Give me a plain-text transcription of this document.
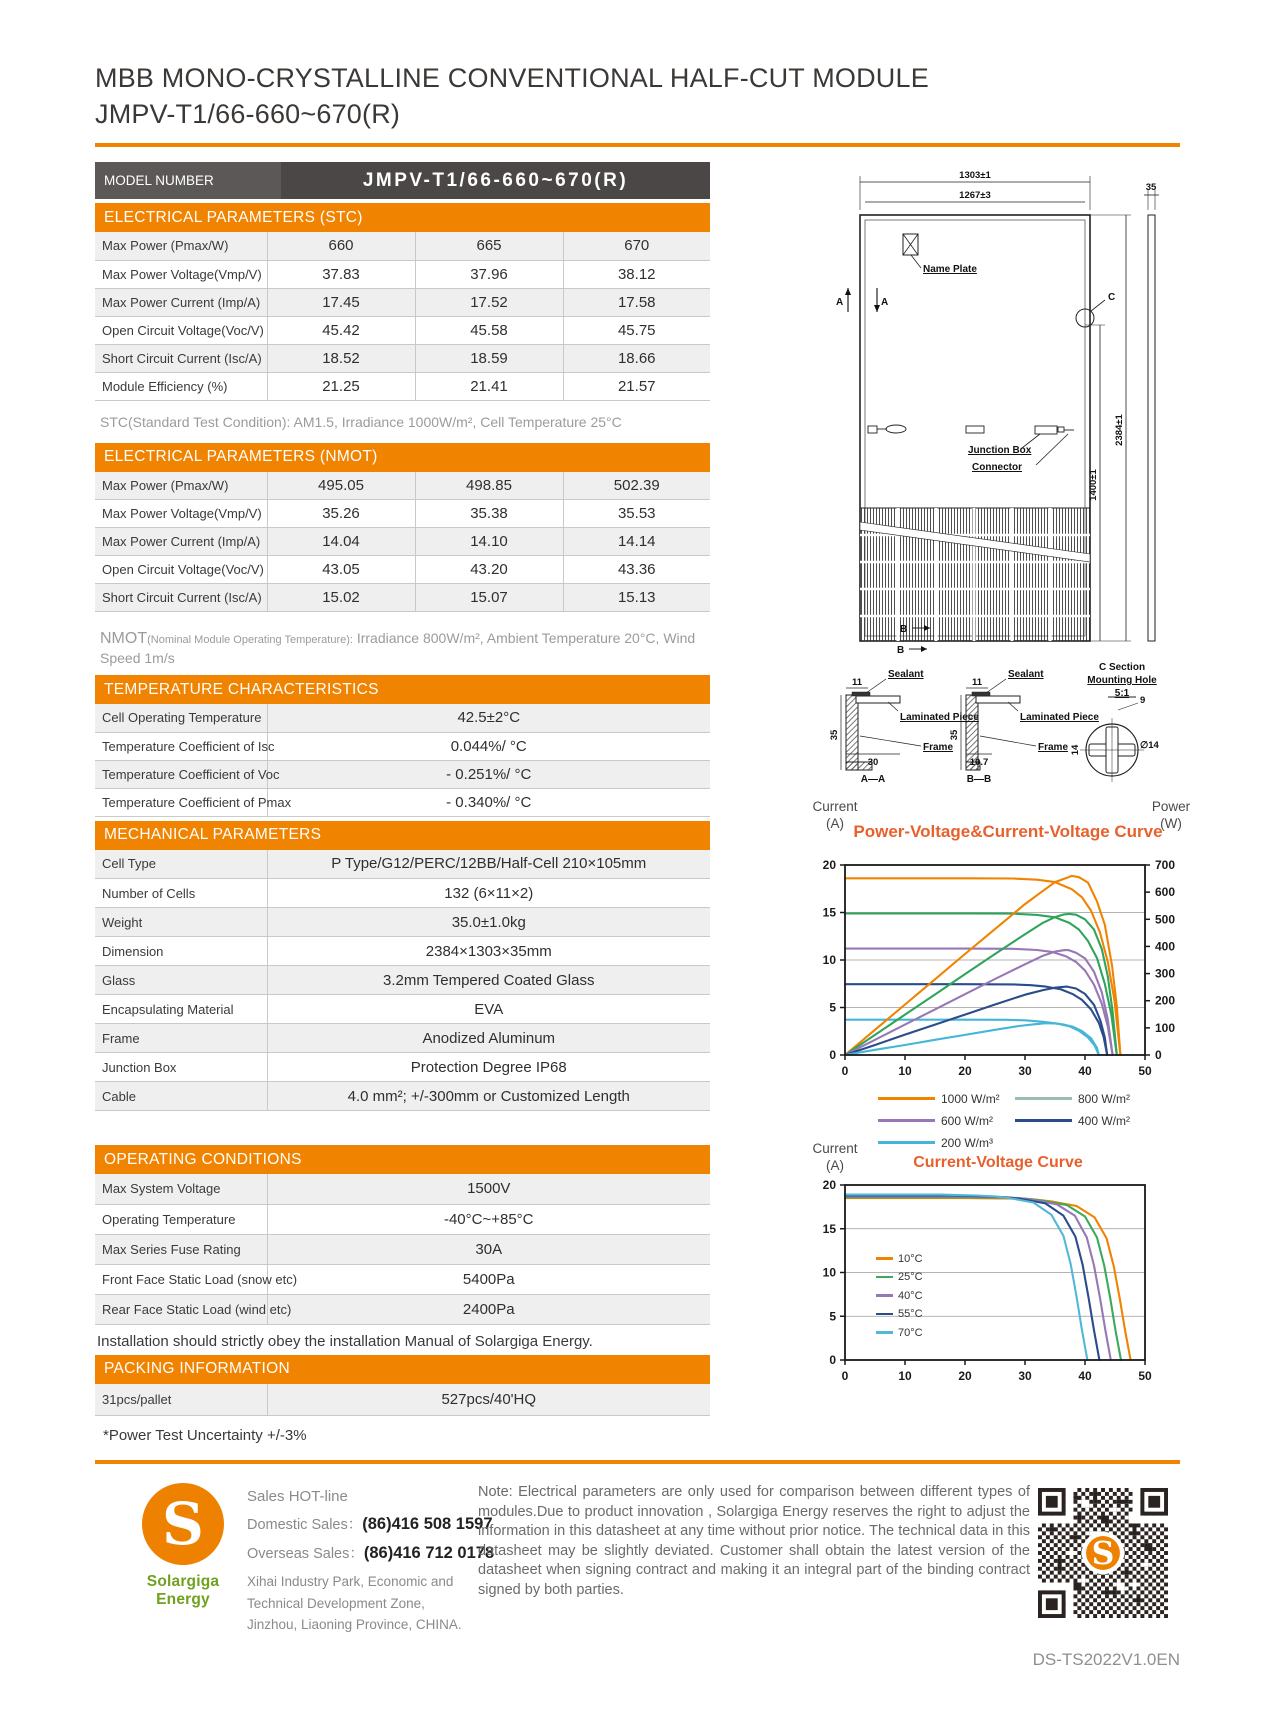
MBB MONO-CRYSTALLINE CONVENTIONAL HALF-CUT MODULE
JMPV-T1/66-660~670(R)
MODEL NUMBER	JMPV-T1/66-660~670(R)
ELECTRICAL PARAMETERS (STC)
Max Power (Pmax/W)	660	665	670
Max Power Voltage(Vmp/V)	37.83	37.96	38.12
Max Power Current (Imp/A)	17.45	17.52	17.58
Open Circuit Voltage(Voc/V)	45.42	45.58	45.75
Short Circuit Current (Isc/A)	18.52	18.59	18.66
Module Efficiency (%)	21.25	21.41	21.57
STC(Standard Test Condition): AM1.5, Irradiance 1000W/m², Cell Temperature 25°C
ELECTRICAL PARAMETERS (NMOT)
Max Power (Pmax/W)	495.05	498.85	502.39
Max Power Voltage(Vmp/V)	35.26	35.38	35.53
Max Power Current (Imp/A)	14.04	14.10	14.14
Open Circuit Voltage(Voc/V)	43.05	43.20	43.36
Short Circuit Current (Isc/A)	15.02	15.07	15.13
NMOT(Nominal Module Operating Temperature): Irradiance 800W/m², Ambient Temperature 20°C, Wind Speed 1m/s
TEMPERATURE CHARACTERISTICS
Cell Operating Temperature	42.5±2°C
Temperature Coefficient of Isc	0.044%/ °C
Temperature Coefficient of Voc	- 0.251%/ °C
Temperature Coefficient of Pmax	- 0.340%/ °C
MECHANICAL PARAMETERS
Cell Type	P Type/G12/PERC/12BB/Half-Cell 210×105mm
Number of Cells	132 (6×11×2)
Weight	35.0±1.0kg
Dimension	2384×1303×35mm
Glass	3.2mm Tempered Coated Glass
Encapsulating Material	EVA
Frame	Anodized Aluminum
Junction Box	Protection Degree IP68
Cable	4.0 mm²; +/-300mm or Customized Length
OPERATING CONDITIONS
Max System Voltage	1500V
Operating Temperature	-40°C~+85°C
Max Series Fuse Rating	30A
Front Face Static Load (snow etc)	5400Pa
Rear Face Static Load (wind etc)	2400Pa
Installation should strictly obey the installation Manual of Solargiga Energy.
PACKING INFORMATION
31pcs/pallet	527pcs/40'HQ
*Power Test Uncertainty +/-3%
1303±1
1267±3
35
Name Plate
A	A	C
1400±1
2384±1
Junction Box
Connector
B
B
11
Sealant
Laminated Piece
35
Frame
30
A—A
11
Sealant
Laminated Piece
35
Frame
10.7
B—B
C Section
Mounting Hole
5:1
9
14	∅14
Current
(A) Power-Voltage&Current-Voltage Curve
Power
(W)
0
5
10
15
20
0
100
200
300
400
500
600
700
0	10	20	30	40	50
1000 W/m²	800 W/m²
600 W/m²	400 W/m²
200 W/m³
Current
(A)	Current-Voltage Curve
0
5
10
15
20
0	10	20	30	40	50
10°C
25°C
40°C
55°C
70°C
S
Solargiga Energy
Sales HOT-line
Domestic Sales：(86)416 508 1597
Overseas Sales：(86)416 712 0178
Xihai Industry Park, Economic and Technical Development Zone, Jinzhou, Liaoning Province, CHINA.
Note: Electrical parameters are only used for comparison between different types of modules.Due to product innovation , Solargiga Energy reserves the right to adjust the information in this datasheet at any time without prior notice. The technical data in this datasheet may be slightly deviated. Customer shall obtain the latest version of the datasheet when signing contract and making it an integral part of the binding contract signed by both parties.
S
DS-TS2022V1.0EN
